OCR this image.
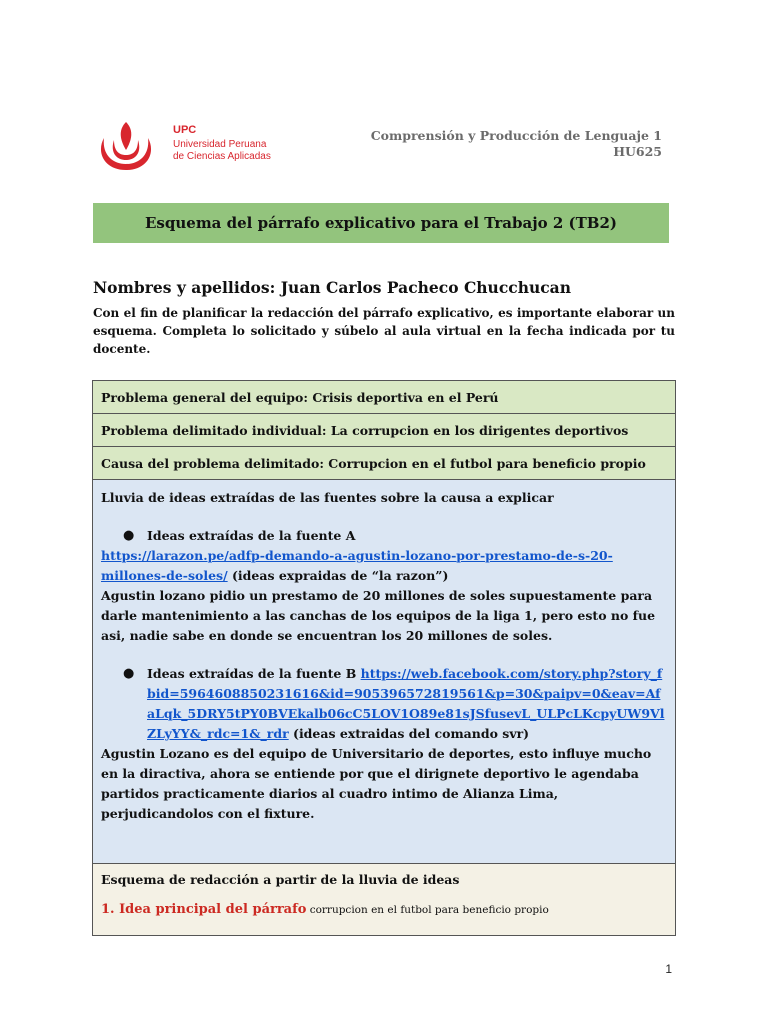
UPC
Universidad Peruana
de Ciencias Aplicadas
Comprensión y Producción de Lenguaje 1
HU625
Esquema del párrafo explicativo para el Trabajo 2 (TB2)
Nombres y apellidos: Juan Carlos Pacheco Chucchucan
Con el fin de planificar la redacción del párrafo explicativo, es importante elaborar un esquema. Completa lo solicitado y súbelo al aula virtual en la fecha indicada por tu docente.
Problema general del equipo: Crisis deportiva en el Perú
Problema delimitado individual: La corrupcion en los dirigentes deportivos
Causa del problema delimitado: Corrupcion en el futbol para beneficio propio
Lluvia de ideas extraídas de las fuentes sobre la causa a explicar
●	Ideas extraídas de la fuente A
https://larazon.pe/adfp-demando-a-agustin-lozano-por-prestamo-de-s-20-millones-de-soles/ (ideas expraidas de “la razon”)
Agustin lozano pidio un prestamo de 20 millones de soles supuestamente para darle mantenimiento a las canchas de los equipos de la liga 1, pero esto no fue asi, nadie sabe en donde se encuentran los 20 millones de soles.
●	Ideas extraídas de la fuente B https://web.facebook.com/story.php?story_fbid=5964608850231616&id=905396572819561&p=30&paipv=0&eav=AfaLqk_5DRY5tPY0BVEkalb06cC5LOV1O89e81sJSfusevL_ULPcLKcpyUW9VlZLyYY&_rdc=1&_rdr (ideas extraidas del comando svr)
Agustin Lozano es del equipo de Universitario de deportes, esto influye mucho en la diractiva, ahora se entiende por que el dirignete deportivo le agendaba partidos practicamente diarios al cuadro intimo de Alianza Lima, perjudicandolos con el fixture.
Esquema de redacción a partir de la lluvia de ideas
1. Idea principal del párrafo corrupcion en el futbol para beneficio propio
1
